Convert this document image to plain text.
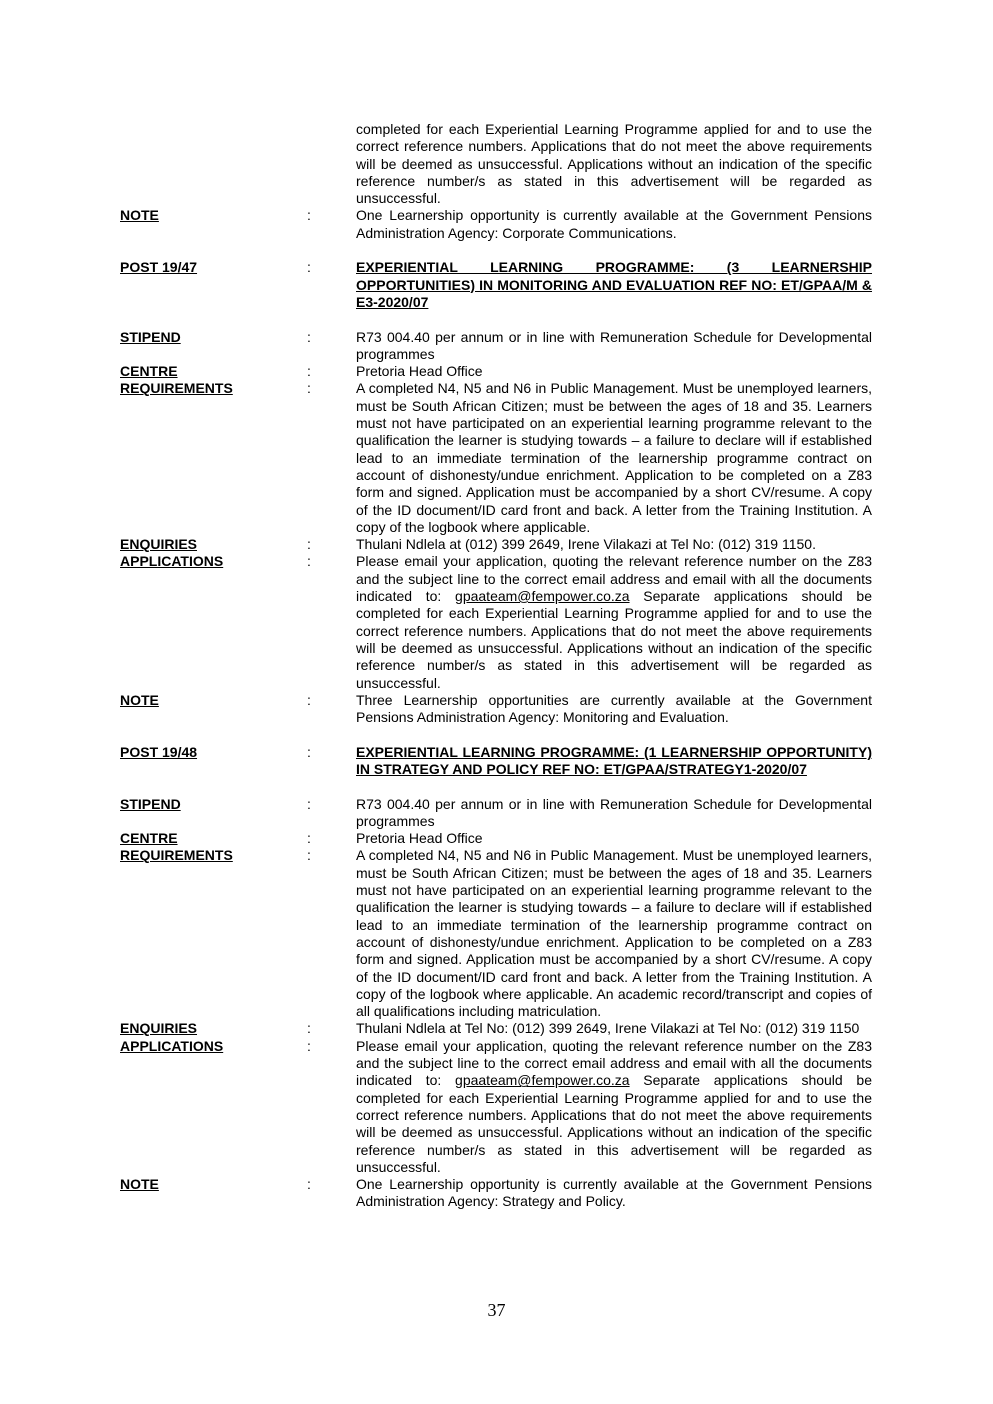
completed for each Experiential Learning Programme applied for and to use the correct reference numbers. Applications that do not meet the above requirements will be deemed as unsuccessful. Applications without an indication of the specific reference number/s as stated in this advertisement will be regarded as unsuccessful.
NOTE	:	One Learnership opportunity is currently available at the Government Pensions Administration Agency: Corporate Communications.
POST 19/47	:	EXPERIENTIAL LEARNING PROGRAMME: (3 LEARNERSHIP OPPORTUNITIES) IN MONITORING AND EVALUATION REF NO: ET/GPAA/M & E3-2020/07
STIPEND	:	R73 004.40 per annum or in line with Remuneration Schedule for Developmental programmes
CENTRE	:	Pretoria Head Office
REQUIREMENTS	:	A completed N4, N5 and N6 in Public Management. Must be unemployed learners, must be South African Citizen; must be between the ages of 18 and 35. Learners must not have participated on an experiential learning programme relevant to the qualification the learner is studying towards – a failure to declare will if established lead to an immediate termination of the learnership programme contract on account of dishonesty/undue enrichment. Application to be completed on a Z83 form and signed. Application must be accompanied by a short CV/resume. A copy of the ID document/ID card front and back. A letter from the Training Institution. A copy of the logbook where applicable.
ENQUIRIES	:	Thulani Ndlela at (012) 399 2649, Irene Vilakazi at Tel No: (012) 319 1150.
APPLICATIONS	:	Please email your application, quoting the relevant reference number on the Z83 and the subject line to the correct email address and email with all the documents indicated to: gpaateam@fempower.co.za Separate applications should be completed for each Experiential Learning Programme applied for and to use the correct reference numbers. Applications that do not meet the above requirements will be deemed as unsuccessful. Applications without an indication of the specific reference number/s as stated in this advertisement will be regarded as unsuccessful.
NOTE	:	Three Learnership opportunities are currently available at the Government Pensions Administration Agency: Monitoring and Evaluation.
POST 19/48	:	EXPERIENTIAL LEARNING PROGRAMME: (1 LEARNERSHIP OPPORTUNITY) IN STRATEGY AND POLICY REF NO: ET/GPAA/STRATEGY1-2020/07
STIPEND	:	R73 004.40 per annum or in line with Remuneration Schedule for Developmental programmes
CENTRE	:	Pretoria Head Office
REQUIREMENTS	:	A completed N4, N5 and N6 in Public Management. Must be unemployed learners, must be South African Citizen; must be between the ages of 18 and 35. Learners must not have participated on an experiential learning programme relevant to the qualification the learner is studying towards – a failure to declare will if established lead to an immediate termination of the learnership programme contract on account of dishonesty/undue enrichment. Application to be completed on a Z83 form and signed. Application must be accompanied by a short CV/resume. A copy of the ID document/ID card front and back. A letter from the Training Institution. A copy of the logbook where applicable. An academic record/transcript and copies of all qualifications including matriculation.
ENQUIRIES	:	Thulani Ndlela at Tel No: (012) 399 2649, Irene Vilakazi at Tel No: (012) 319 1150
APPLICATIONS	:	Please email your application, quoting the relevant reference number on the Z83 and the subject line to the correct email address and email with all the documents indicated to: gpaateam@fempower.co.za Separate applications should be completed for each Experiential Learning Programme applied for and to use the correct reference numbers. Applications that do not meet the above requirements will be deemed as unsuccessful. Applications without an indication of the specific reference number/s as stated in this advertisement will be regarded as unsuccessful.
NOTE	:	One Learnership opportunity is currently available at the Government Pensions Administration Agency: Strategy and Policy.
37
